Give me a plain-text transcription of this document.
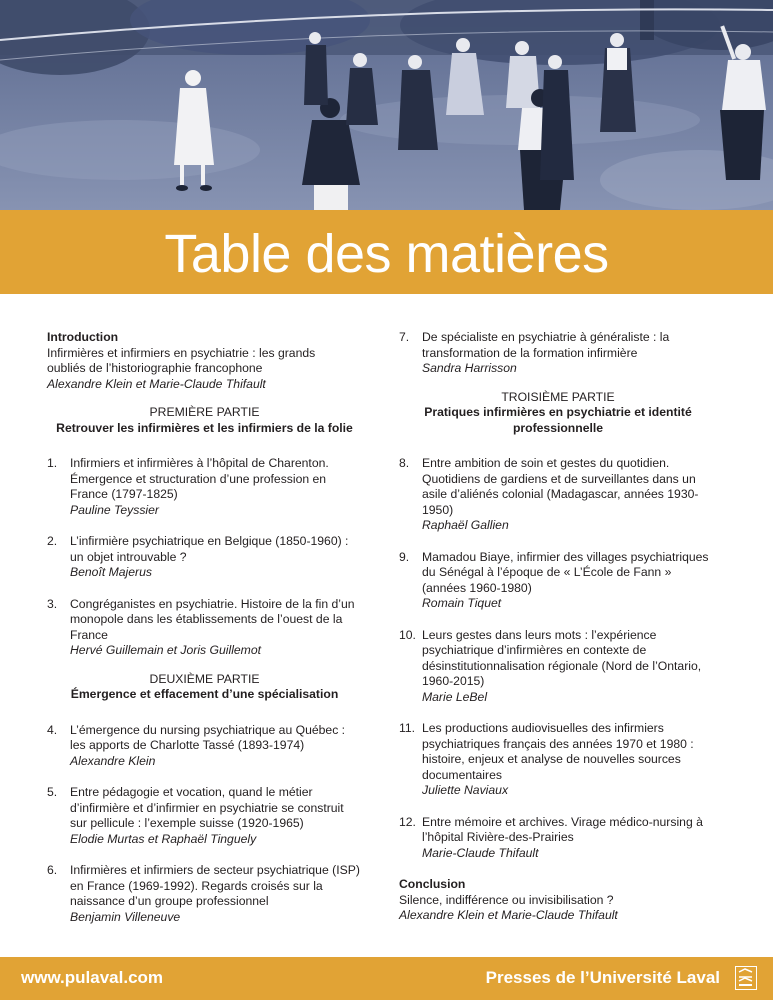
Table des matières
Introduction
Infirmières et infirmiers en psychiatrie : les grands
oubliés de l’historiographie francophone
Alexandre Klein et Marie-Claude Thifault
PREMIÈRE PARTIE
Retrouver les infirmières et les infirmiers de la folie
1.	Infirmiers et infirmières à l’hôpital de Charenton. Émergence et structuration d’une profession en France (1797-1825)
Pauline Teyssier
2.	L’infirmière psychiatrique en Belgique (1850-1960) : un objet introuvable ?
Benoît Majerus
3.	Congréganistes en psychiatrie. Histoire de la fin d’un monopole dans les établissements de l’ouest de la France
Hervé Guillemain et Joris Guillemot
DEUXIÈME PARTIE
Émergence et effacement d’une spécialisation
4.	L’émergence du nursing psychiatrique au Québec : les apports de Charlotte Tassé (1893-1974)
Alexandre Klein
5.	Entre pédagogie et vocation, quand le métier d’infirmière et d’infirmier en psychiatrie se construit sur pellicule : l’exemple suisse (1920-1965)
Elodie Murtas et Raphaël Tinguely
6.	Infirmières et infirmiers de secteur psychiatrique (ISP) en France (1969-1992). Regards croisés sur la naissance d’un groupe professionnel
Benjamin Villeneuve
7.	De spécialiste en psychiatrie à généraliste : la transformation de la formation infirmière
Sandra Harrisson
TROISIÈME PARTIE
Pratiques infirmières en psychiatrie et identité
professionnelle
8.	Entre ambition de soin et gestes du quotidien. Quotidiens de gardiens et de surveillantes dans un asile d’aliénés colonial (Madagascar, années 1930-1950)
Raphaël Gallien
9.	Mamadou Biaye, infirmier des villages psychiatriques du Sénégal à l’époque de « L’École de Fann » (années 1960-1980)
Romain Tiquet
10. Leurs gestes dans leurs mots : l’expérience psychiatrique d’infirmières en contexte de désinstitutionnalisation régionale (Nord de l’Ontario, 1960-2015)
Marie LeBel
11. Les productions audiovisuelles des infirmiers psychiatriques français des années 1970 et 1980 : histoire, enjeux et analyse de nouvelles sources documentaires
Juliette Naviaux
12. Entre mémoire et archives. Virage médico-nursing à l’hôpital Rivière-des-Prairies
Marie-Claude Thifault
Conclusion
Silence, indifférence ou invisibilisation ?
Alexandre Klein et Marie-Claude Thifault
www.pulaval.com	Presses de l’Université Laval
